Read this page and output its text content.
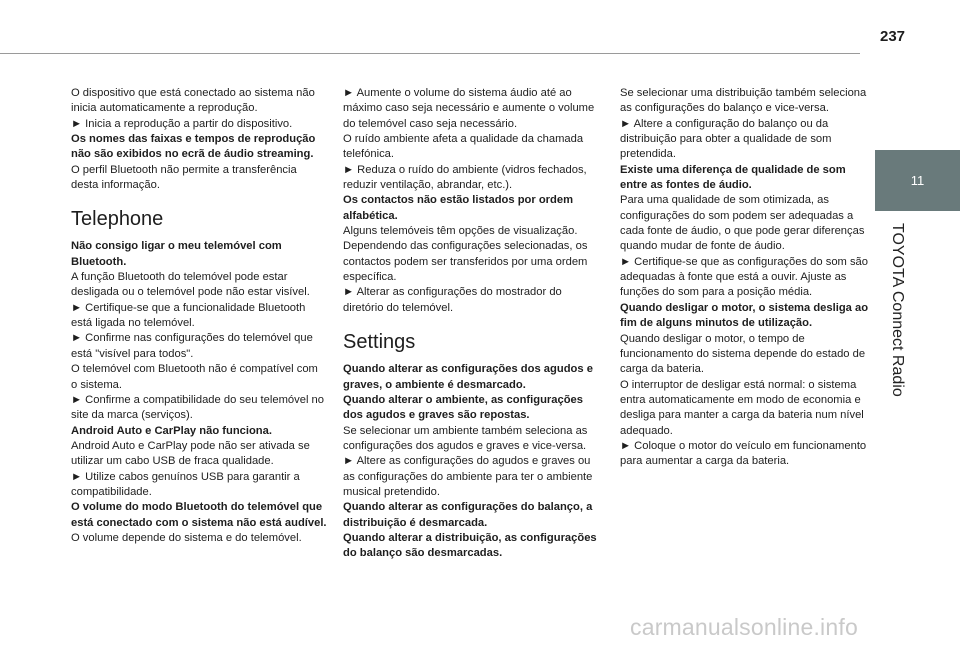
237
11
TOYOTA Connect Radio

O dispositivo que está conectado ao sistema não inicia automaticamente a reprodução.

► Inicia a reprodução a partir do dispositivo.

Os nomes das faixas e tempos de reprodução não são exibidos no ecrã de áudio streaming.

O perfil Bluetooth não permite a transferência desta informação.

Telephone

Não consigo ligar o meu telemóvel com Bluetooth.

A função Bluetooth do telemóvel pode estar desligada ou o telemóvel pode não estar visível.

► Certifique-se que a funcionalidade Bluetooth está ligada no telemóvel.

► Confirme nas configurações do telemóvel que está "visível para todos".

O telemóvel com Bluetooth não é compatível com o sistema.

► Confirme a compatibilidade do seu telemóvel no site da marca (serviços).

Android Auto e CarPlay não funciona.

Android Auto e CarPlay pode não ser ativada se utilizar um cabo USB de fraca qualidade.

► Utilize cabos genuínos USB para garantir a compatibilidade.

O volume do modo Bluetooth do telemóvel que está conectado com o sistema não está audível.

O volume depende do sistema e do telemóvel.

► Aumente o volume do sistema áudio até ao máximo caso seja necessário e aumente o volume do telemóvel caso seja necessário.

O ruído ambiente afeta a qualidade da chamada telefónica.

► Reduza o ruído do ambiente (vidros fechados, reduzir ventilação, abrandar, etc.).

Os contactos não estão listados por ordem alfabética.

Alguns telemóveis têm opções de visualização. Dependendo das configurações selecionadas, os contactos podem ser transferidos por uma ordem específica.

► Alterar as configurações do mostrador do diretório do telemóvel.

Settings

Quando alterar as configurações dos agudos e graves, o ambiente é desmarcado.

Quando alterar o ambiente, as configurações dos agudos e graves são repostas.

Se selecionar um ambiente também seleciona as configurações dos agudos e graves e vice-versa.

► Altere as configurações do agudos e graves ou as configurações do ambiente para ter o ambiente musical pretendido.

Quando alterar as configurações do balanço, a distribuição é desmarcada.

Quando alterar a distribuição, as configurações do balanço são desmarcadas.

Se selecionar uma distribuição também seleciona as configurações do balanço e vice-versa.

► Altere a configuração do balanço ou da distribuição para obter a qualidade de som pretendida.

Existe uma diferença de qualidade de som entre as fontes de áudio.

Para uma qualidade de som otimizada, as configurações do som podem ser adequadas a cada fonte de áudio, o que pode gerar diferenças quando mudar de fonte de áudio.

► Certifique-se que as configurações do som são adequadas à fonte que está a ouvir. Ajuste as funções do som para a posição média.

Quando desligar o motor, o sistema desliga ao fim de alguns minutos de utilização.

Quando desligar o motor, o tempo de funcionamento do sistema depende do estado de carga da bateria.

O interruptor de desligar está normal: o sistema entra automaticamente em modo de economia e desliga para manter a carga da bateria num nível adequado.

► Coloque o motor do veículo em funcionamento para aumentar a carga da bateria.

carmanualsonline.info
